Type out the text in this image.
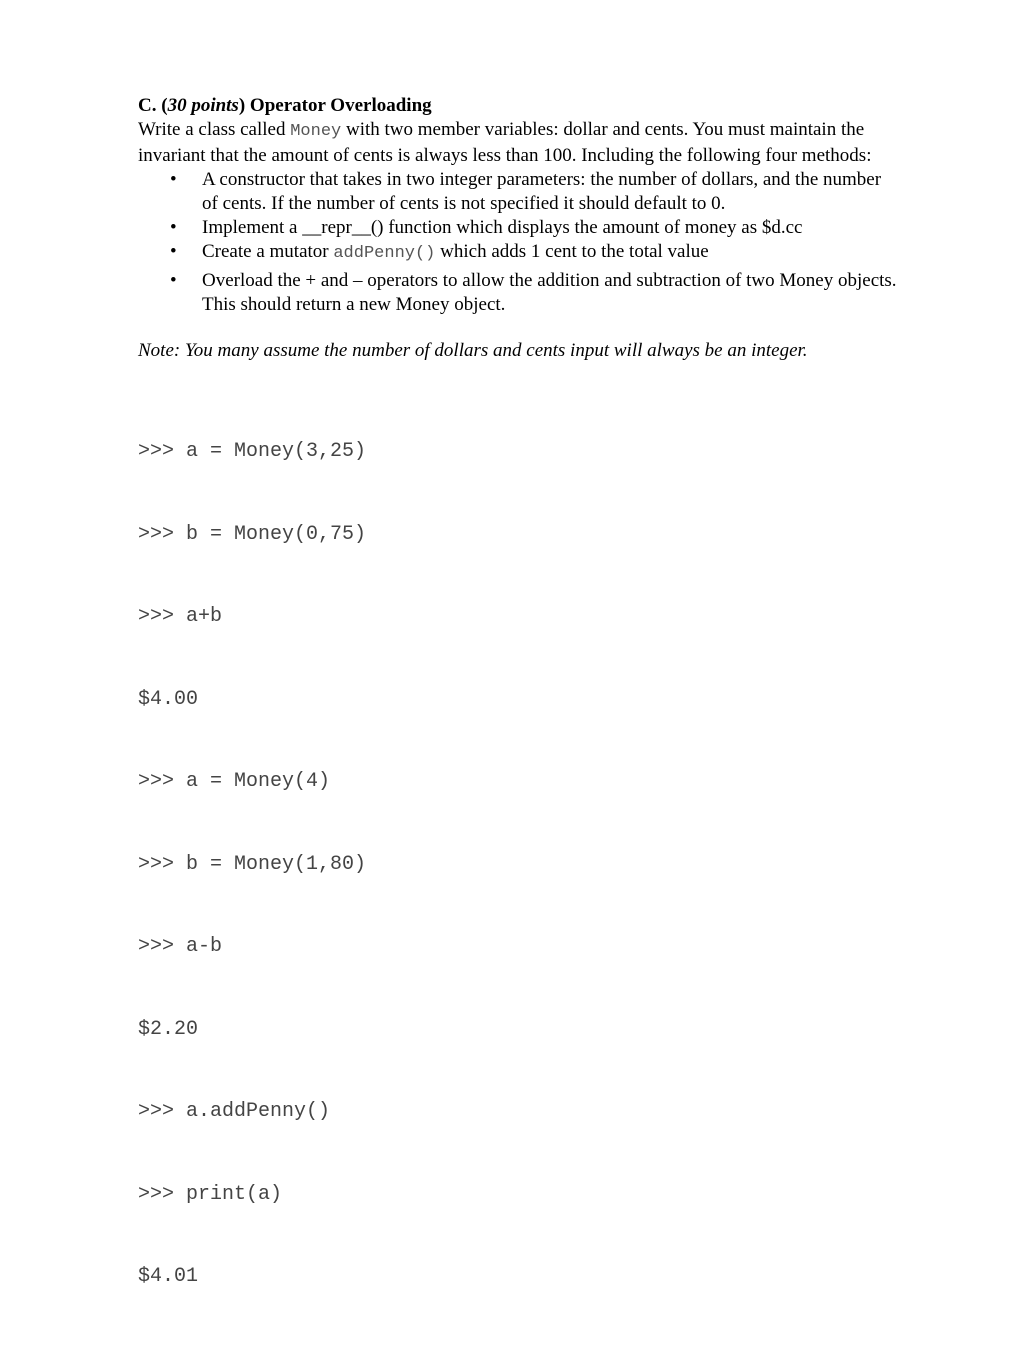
C. (30 points) Operator Overloading

Write a class called Money with two member variables: dollar and cents. You must maintain the invariant that the amount of cents is always less than 100. Including the following four methods:

• A constructor that takes in two integer parameters: the number of dollars, and the number of cents. If the number of cents is not specified it should default to 0.
• Implement a __repr__() function which displays the amount of money as $d.cc
• Create a mutator addPenny() which adds 1 cent to the total value
• Overload the + and – operators to allow the addition and subtraction of two Money objects. This should return a new Money object.

Note: You many assume the number of dollars and cents input will always be an integer.

>>> a = Money(3,25)

>>> b = Money(0,75)

>>> a+b

$4.00

>>> a = Money(4)

>>> b = Money(1,80)

>>> a-b

$2.20

>>> a.addPenny()

>>> print(a)

$4.01
